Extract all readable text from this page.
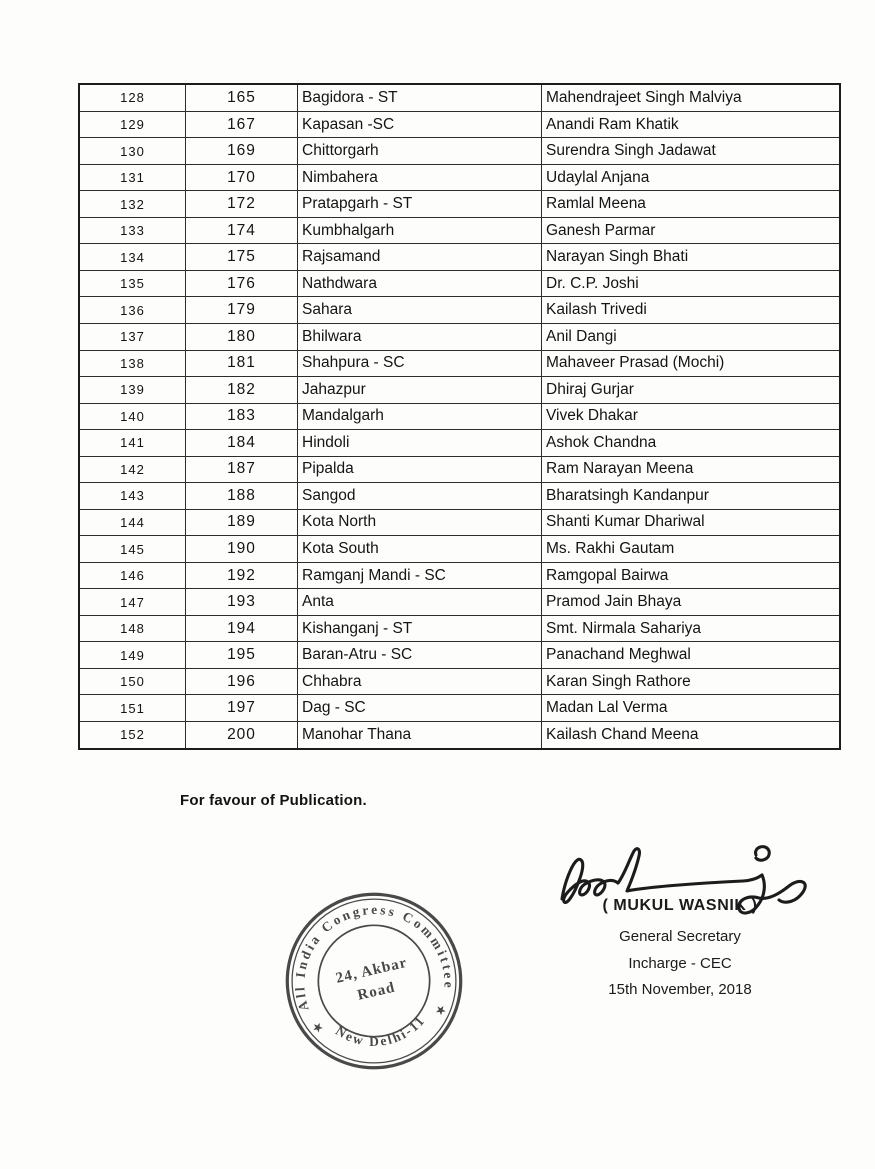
128	165	Bagidora - ST	Mahendrajeet Singh Malviya
129	167	Kapasan -SC	Anandi Ram Khatik
130	169	Chittorgarh	Surendra Singh Jadawat
131	170	Nimbahera	Udaylal Anjana
132	172	Pratapgarh - ST	Ramlal Meena
133	174	Kumbhalgarh	Ganesh Parmar
134	175	Rajsamand	Narayan Singh Bhati
135	176	Nathdwara	Dr. C.P. Joshi
136	179	Sahara	Kailash Trivedi
137	180	Bhilwara	Anil Dangi
138	181	Shahpura - SC	Mahaveer Prasad (Mochi)
139	182	Jahazpur	Dhiraj Gurjar
140	183	Mandalgarh	Vivek Dhakar
141	184	Hindoli	Ashok Chandna
142	187	Pipalda	Ram Narayan Meena
143	188	Sangod	Bharatsingh Kandanpur
144	189	Kota North	Shanti Kumar Dhariwal
145	190	Kota South	Ms. Rakhi Gautam
146	192	Ramganj Mandi - SC	Ramgopal Bairwa
147	193	Anta	Pramod Jain Bhaya
148	194	Kishanganj - ST	Smt. Nirmala Sahariya
149	195	Baran-Atru - SC	Panachand Meghwal
150	196	Chhabra	Karan Singh Rathore
151	197	Dag - SC	Madan Lal Verma
152	200	Manohar Thana	Kailash Chand Meena
For favour of Publication.
All India Congress Committee
New Delhi-11
★
★
24, Akbar
Road
( MUKUL WASNIK )
General Secretary
Incharge - CEC
15th November, 2018
